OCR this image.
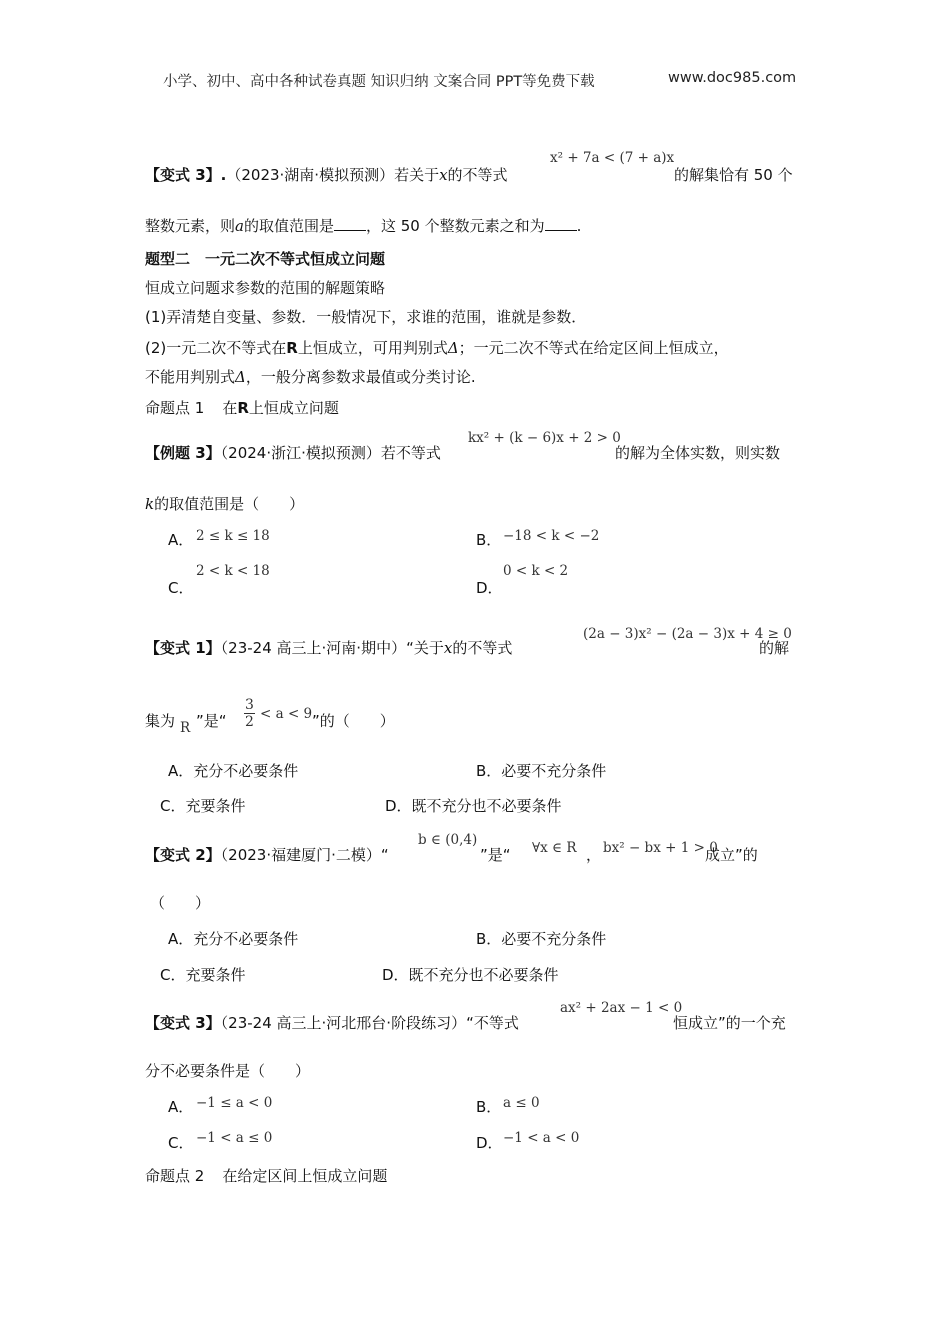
小学、初中、高中各种试卷真题 知识归纳 文案合同 PPT等免费下载	www.doc985.com
【变式 3】.（2023·湖南·模拟预测）若关于x的不等式
x² + 7a < (7 + a)x
的解集恰有 50 个
整数元素，则a的取值范围是 ，这 50 个整数元素之和为 .
题型二　一元二次不等式恒成立问题
恒成立问题求参数的范围的解题策略
(1)弄清楚自变量、参数．一般情况下，求谁的范围，谁就是参数．
(2)一元二次不等式在R上恒成立，可用判别式Δ；一元二次不等式在给定区间上恒成立，
不能用判别式Δ，一般分离参数求最值或分类讨论.
命题点 1 在R上恒成立问题
【例题 3】（2024·浙江·模拟预测）若不等式
kx² + (k − 6)x + 2 > 0
的解为全体实数，则实数
k的取值范围是（　　）
A． 2 ≤ k ≤ 18	B． −18 < k < −2
C．
2 < k < 18
D．
0 < k < 2
【变式 1】（23-24 高三上·河南·期中）“关于x的不等式
(2a − 3)x² − (2a − 3)x + 4 ≥ 0
的解
集为 R ”是“ $\frac{3}{2} < a < 9$ ”的（　　）
A．充分不必要条件	B．必要不充分条件
C．充要条件	D．既不充分也不必要条件
【变式 2】（2023·福建厦门·二模）“
b ∈ (0,4)
”是“ ∀x ∈ R ， bx² − bx + 1 > 0
成立”的
（　　）
A．充分不必要条件	B．必要不充分条件
C．充要条件	D．既不充分也不必要条件
【变式 3】（23-24 高三上·河北邢台·阶段练习）“不等式
ax² + 2ax − 1 < 0
恒成立”的一个充
分不必要条件是（　　）
A． −1 ≤ a < 0	B． a ≤ 0
C． −1 < a ≤ 0	D． −1 < a < 0
命题点 2 在给定区间上恒成立问题
